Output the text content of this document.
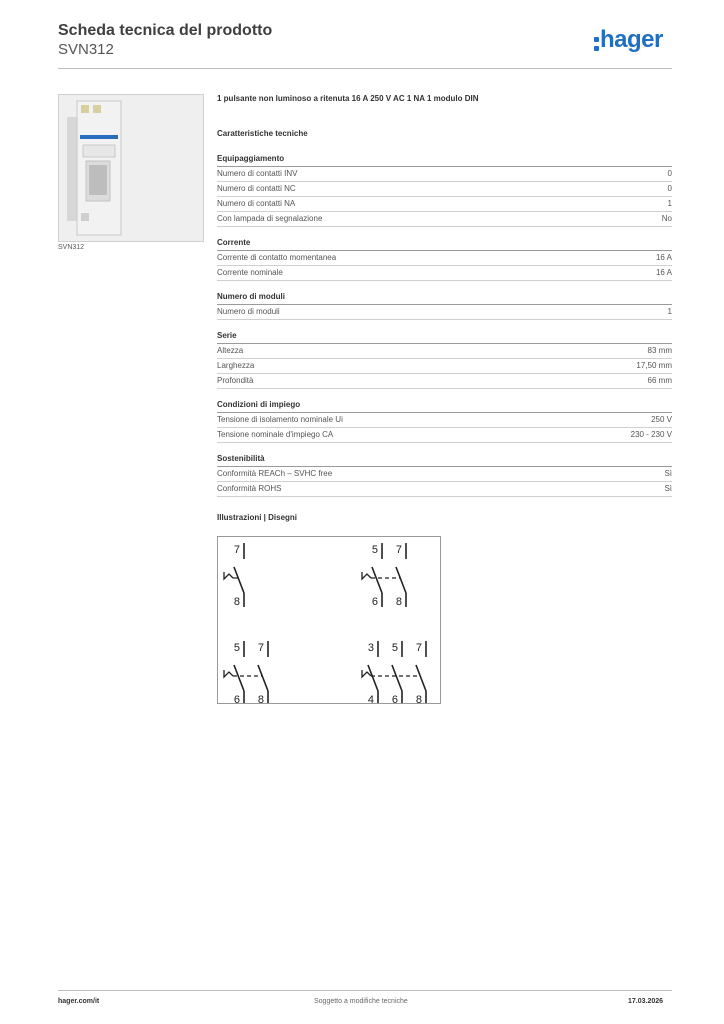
Scheda tecnica del prodotto
SVN312	hager
SVN312
1 pulsante non luminoso a ritenuta 16 A 250 V AC 1 NA 1 modulo DIN
Caratteristiche tecniche
Equipaggiamento
Numero di contatti INV	0
Numero di contatti NC	0
Numero di contatti NA	1
Con lampada di segnalazione	No
Corrente
Corrente di contatto momentanea	16 A
Corrente nominale	16 A
Numero di moduli
Numero di moduli	1
Serie
Altezza	83 mm
Larghezza	17,50 mm
Profondità	66 mm
Condizioni di impiego
Tensione di isolamento nominale Ui	250 V
Tensione nominale d'impiego CA	230 - 230 V
Sostenibilità
Conformità REACh – SVHC free	Sì
Conformità ROHS	Sì
Illustrazioni | Disegni
7
8
5
6
7
8
5
6
7
8
3
4
5
6
7
8
hager.com/it	Soggetto a modifiche tecniche	17.03.2026
